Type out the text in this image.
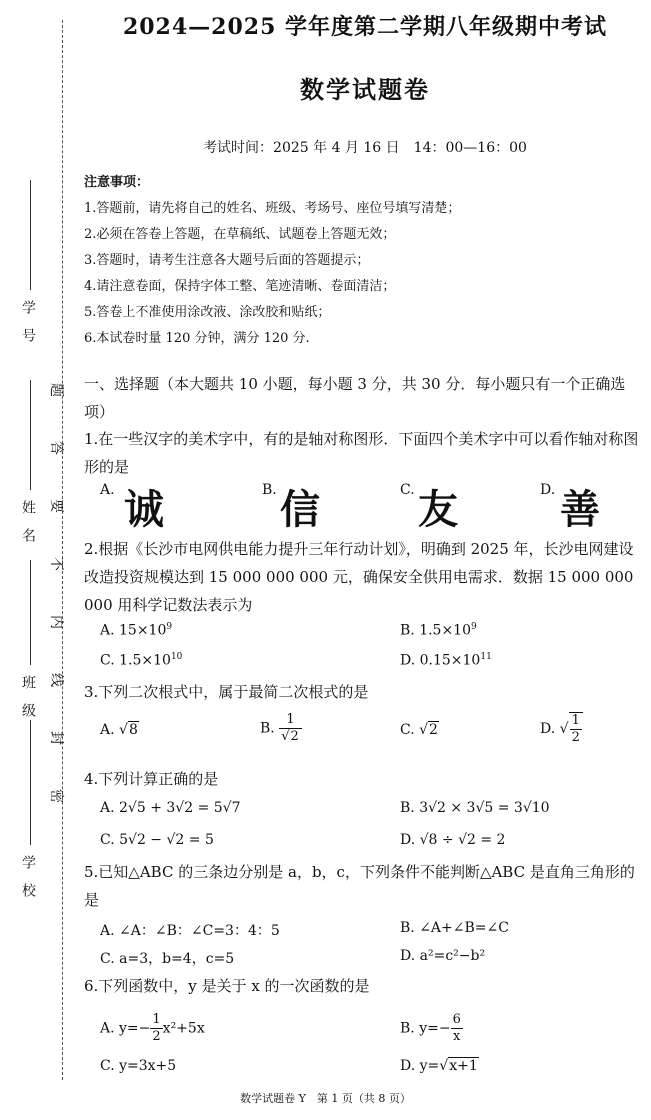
学　号
姓　名
班　级
学　校
题
答
要
不
内
线
封
密
2024—2025 学年度第二学期八年级期中考试
数学试题卷
考试时间：2025 年 4 月 16 日　14：00—16：00
注意事项：
1.答题前，请先将自己的姓名、班级、考场号、座位号填写清楚；
2.必须在答卷上答题，在草稿纸、试题卷上答题无效；
3.答题时，请考生注意各大题号后面的答题提示；
4.请注意卷面，保持字体工整、笔迹清晰、卷面清洁；
5.答卷上不准使用涂改液、涂改胶和贴纸；
6.本试卷时量 120 分钟，满分 120 分.
一、选择题（本大题共 10 小题，每小题 3 分，共 30 分．每小题只有一个正确选项）
1.在一些汉字的美术字中，有的是轴对称图形．下面四个美术字中可以看作轴对称图形的是
A. 诚	B. 信	C. 友	D. 善
2.根据《长沙市电网供电能力提升三年行动计划》，明确到 2025 年，长沙电网建设改造投资规模达到 15 000 000 000 元，确保安全供用电需求．数据 15 000 000 000 用科学记数法表示为
A. $15\times 10^9$	B. $1.5\times 10^9$
C. $1.5\times 10^{10}$	D. $0.15\times 10^{11}$
3.下列二次根式中，属于最简二次根式的是
A. √8	B. $\frac{1}{√2}$	C. √2	D. √ $\frac{1}{2}$
4.下列计算正确的是
A. 2√5 + 3√2 = 5√7	B. 3√2 × 3√5 = 3√10
C. 5√2 − √2 = 5	D. √8 ÷ √2 = 2
5.已知△ABC 的三条边分别是 a，b，c，下列条件不能判断△ABC 是直角三角形的是
A. ∠A：∠B：∠C=3：4：5	B. ∠A+∠B=∠C
C. a=3，b=4，c=5	D. a²=c²−b²
6.下列函数中，y 是关于 x 的一次函数的是
A. $y=- \frac{1}{2} x^2+5x$	B. $y=- \frac{6}{x}$
C. y=3x+5	D. y=√x+1
数学试题卷 Y　第 1 页（共 8 页）
